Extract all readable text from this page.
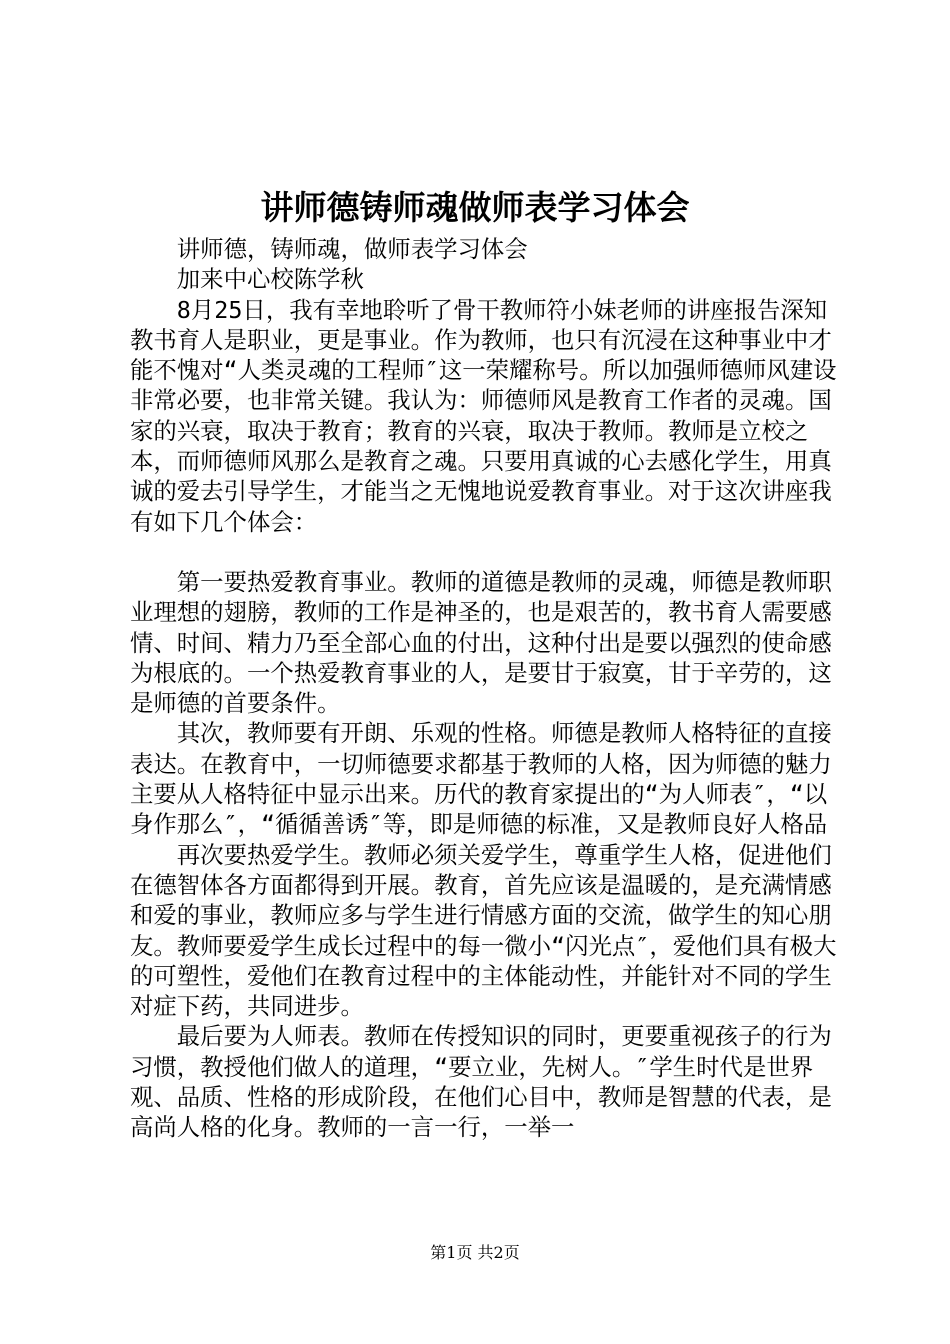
讲师德铸师魂做师表学习体会

讲师德，铸师魂，做师表学习体会

加来中心校陈学秋

8月25日，我有幸地聆听了骨干教师符小妹老师的讲座报告深知教书育人是职业，更是事业。作为教师，也只有沉浸在这种事业中才能不愧对“人类灵魂的工程师″这一荣耀称号。所以加强师德师风建设非常必要，也非常关键。我认为：师德师风是教育工作者的灵魂。国家的兴衰，取决于教育；教育的兴衰，取决于教师。教师是立校之本，而师德师风那么是教育之魂。只要用真诚的心去感化学生，用真诚的爱去引导学生，才能当之无愧地说爱教育事业。对于这次讲座我有如下几个体会：

第一要热爱教育事业。教师的道德是教师的灵魂，师德是教师职业理想的翅膀，教师的工作是神圣的，也是艰苦的，教书育人需要感情、时间、精力乃至全部心血的付出，这种付出是要以强烈的使命感为根底的。一个热爱教育事业的人，是要甘于寂寞，甘于辛劳的，这是师德的首要条件。

其次，教师要有开朗、乐观的性格。师德是教师人格特征的直接表达。在教育中，一切师德要求都基于教师的人格，因为师德的魅力主要从人格特征中显示出来。历代的教育家提出的“为人师表″，“以身作那么″，“循循善诱″等，即是师德的标准，又是教师良好人格品

再次要热爱学生。教师必须关爱学生，尊重学生人格，促进他们在德智体各方面都得到开展。教育，首先应该是温暖的，是充满情感和爱的事业，教师应多与学生进行情感方面的交流，做学生的知心朋友。教师要爱学生成长过程中的每一微小“闪光点″，爱他们具有极大的可塑性，爱他们在教育过程中的主体能动性，并能针对不同的学生对症下药，共同进步。

最后要为人师表。教师在传授知识的同时，更要重视孩子的行为习惯，教授他们做人的道理，“要立业，先树人。″学生时代是世界观、品质、性格的形成阶段，在他们心目中，教师是智慧的代表，是高尚人格的化身。教师的一言一行，一举一

第1页 共2页
